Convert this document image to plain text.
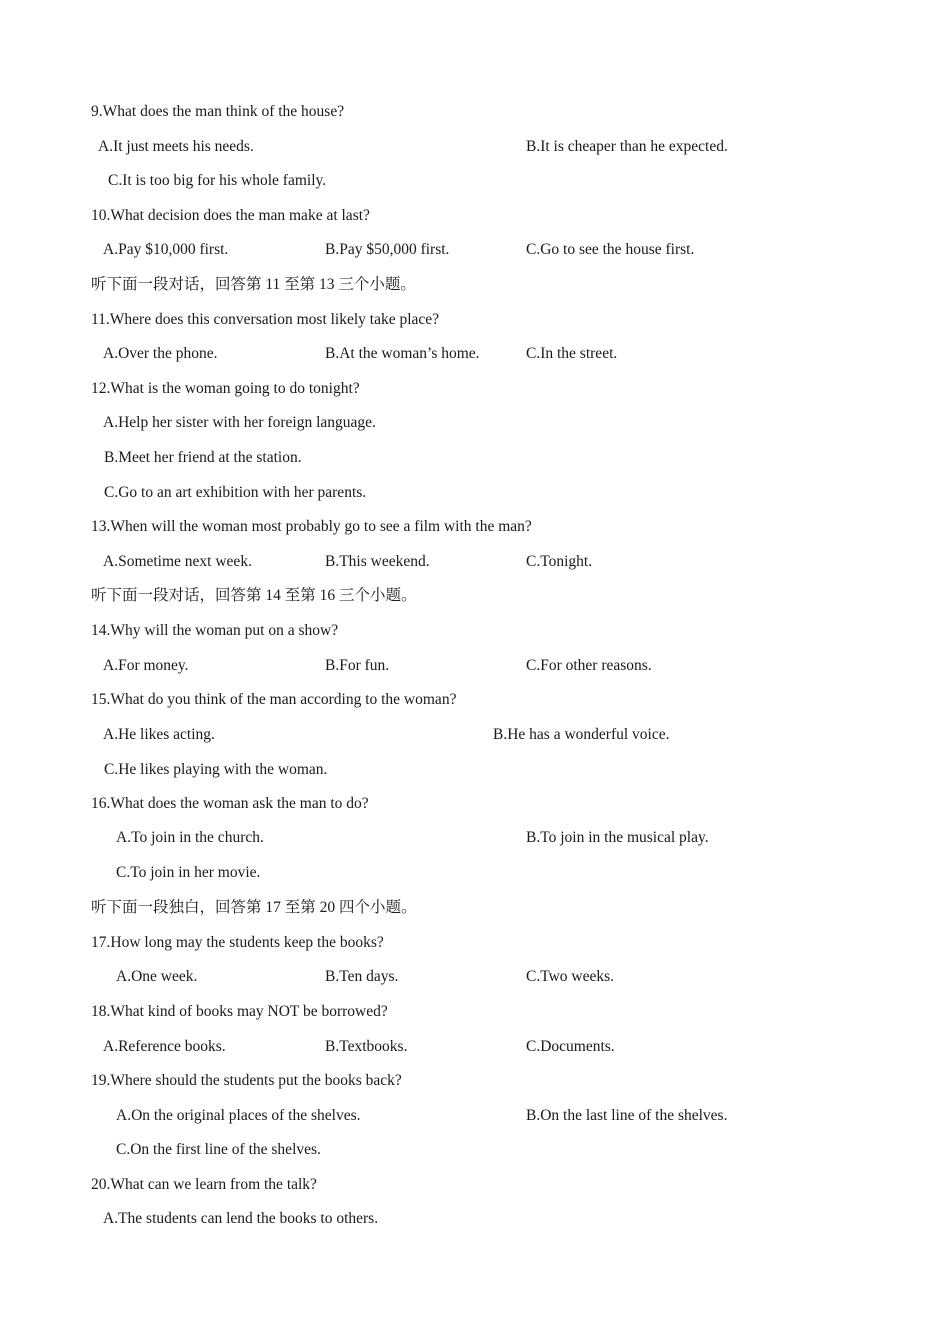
9.What does the man think of the house?
A.It just meets his needs.	B.It is cheaper than he expected.
C.It is too big for his whole family.
10.What decision does the man make at last?
A.Pay $10,000 first.	B.Pay $50,000 first.	C.Go to see the house first.
听下面一段对话，回答第 11 至第 13 三个小题。
11.Where does this conversation most likely take place?
A.Over the phone.	B.At the woman’s home.	C.In the street.
12.What is the woman going to do tonight?
A.Help her sister with her foreign language.
B.Meet her friend at the station.
C.Go to an art exhibition with her parents.
13.When will the woman most probably go to see a film with the man?
A.Sometime next week.	B.This weekend.	C.Tonight.
听下面一段对话，回答第 14 至第 16 三个小题。
14.Why will the woman put on a show?
A.For money.	B.For fun.	C.For other reasons.
15.What do you think of the man according to the woman?
A.He likes acting.	B.He has a wonderful voice.
C.He likes playing with the woman.
16.What does the woman ask the man to do?
A.To join in the church.	B.To join in the musical play.
C.To join in her movie.
听下面一段独白，回答第 17 至第 20 四个小题。
17.How long may the students keep the books?
A.One week.	B.Ten days.	C.Two weeks.
18.What kind of books may NOT be borrowed?
A.Reference books.	B.Textbooks.	C.Documents.
19.Where should the students put the books back?
A.On the original places of the shelves.	B.On the last line of the shelves.
C.On the first line of the shelves.
20.What can we learn from the talk?
A.The students can lend the books to others.
